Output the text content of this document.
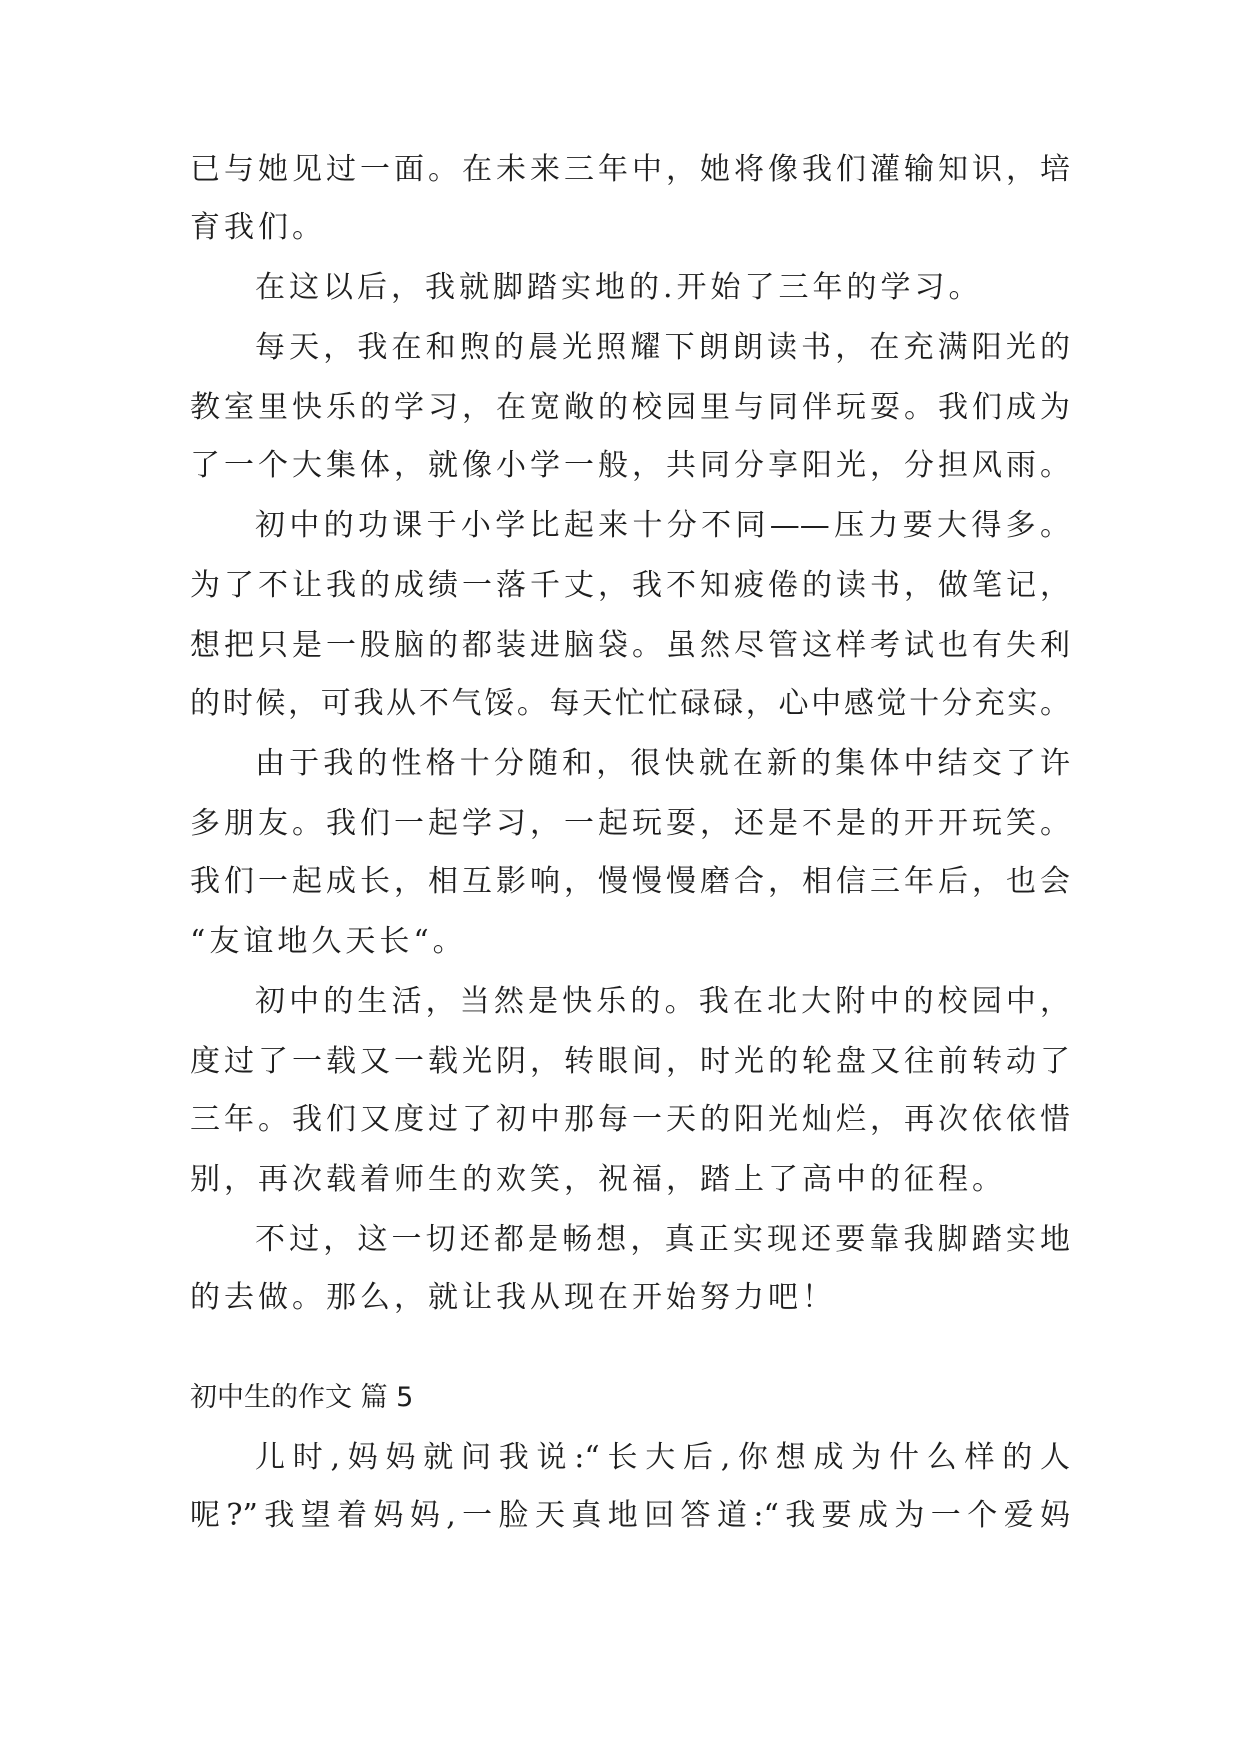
已与她见过一面。在未来三年中，她将像我们灌输知识，培
育我们。
在这以后，我就脚踏实地的.开始了三年的学习。
每天，我在和煦的晨光照耀下朗朗读书，在充满阳光的
教室里快乐的学习，在宽敞的校园里与同伴玩耍。我们成为
了一个大集体，就像小学一般，共同分享阳光，分担风雨。
初中的功课于小学比起来十分不同——压力要大得多。
为了不让我的成绩一落千丈，我不知疲倦的读书，做笔记，
想把只是一股脑的都装进脑袋。虽然尽管这样考试也有失利
的时候，可我从不气馁。每天忙忙碌碌，心中感觉十分充实。
由于我的性格十分随和，很快就在新的集体中结交了许
多朋友。我们一起学习，一起玩耍，还是不是的开开玩笑。
我们一起成长，相互影响，慢慢慢磨合，相信三年后，也会
“友谊地久天长“。
初中的生活，当然是快乐的。我在北大附中的校园中，
度过了一载又一载光阴，转眼间，时光的轮盘又往前转动了
三年。我们又度过了初中那每一天的阳光灿烂，再次依依惜
别，再次载着师生的欢笑，祝福，踏上了高中的征程。
不过，这一切还都是畅想，真正实现还要靠我脚踏实地
的去做。那么，就让我从现在开始努力吧！
初中生的作文 篇 5
儿时,妈妈就问我说:“长大后,你想成为什么样的人
呢?”我望着妈妈,一脸天真地回答道:“我要成为一个爱妈
